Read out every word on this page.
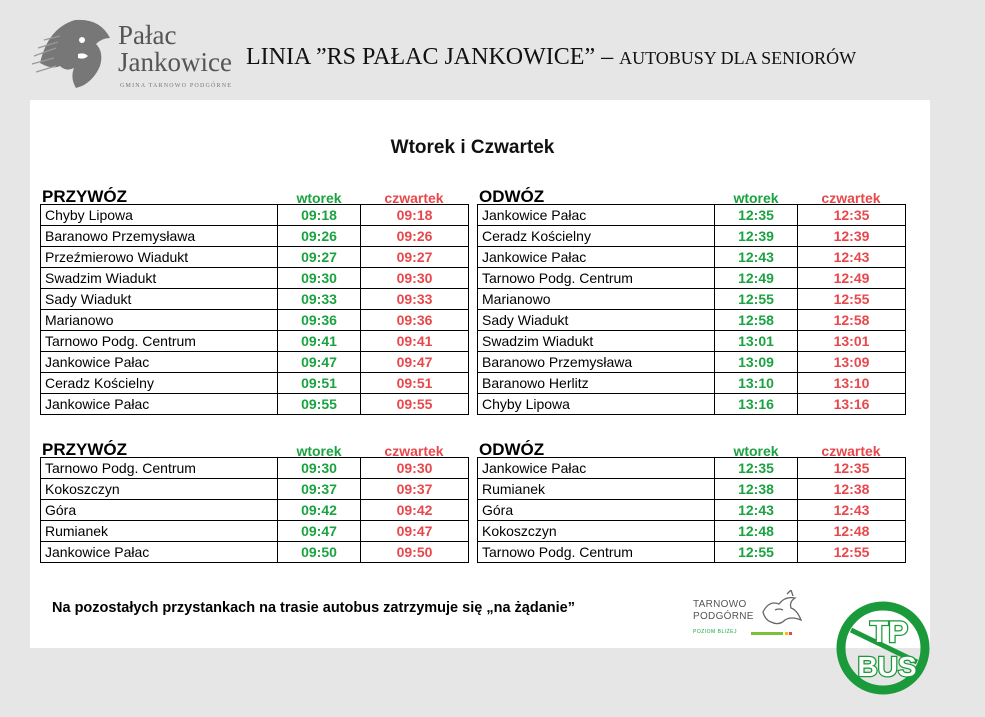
Pałac
Jankowice
GMINA TARNOWO PODGÓRNE
LINIA ”RS PAŁAC JANKOWICE” – AUTOBUSY DLA SENIORÓW
Wtorek i Czwartek
PRZYWÓZ	wtorek	czwartek
Chyby Lipowa	09:18	09:18
Baranowo Przemysława	09:26	09:26
Przeźmierowo Wiadukt	09:27	09:27
Swadzim Wiadukt	09:30	09:30
Sady Wiadukt	09:33	09:33
Marianowo	09:36	09:36
Tarnowo Podg. Centrum	09:41	09:41
Jankowice Pałac	09:47	09:47
Ceradz Kościelny	09:51	09:51
Jankowice Pałac	09:55	09:55
ODWÓZ	wtorek	czwartek
Jankowice Pałac	12:35	12:35
Ceradz Kościelny	12:39	12:39
Jankowice Pałac	12:43	12:43
Tarnowo Podg. Centrum	12:49	12:49
Marianowo	12:55	12:55
Sady Wiadukt	12:58	12:58
Swadzim Wiadukt	13:01	13:01
Baranowo Przemysława	13:09	13:09
Baranowo Herlitz	13:10	13:10
Chyby Lipowa	13:16	13:16
PRZYWÓZ	wtorek	czwartek
Tarnowo Podg. Centrum	09:30	09:30
Kokoszczyn	09:37	09:37
Góra	09:42	09:42
Rumianek	09:47	09:47
Jankowice Pałac	09:50	09:50
ODWÓZ	wtorek	czwartek
Jankowice Pałac	12:35	12:35
Rumianek	12:38	12:38
Góra	12:43	12:43
Kokoszczyn	12:48	12:48
Tarnowo Podg. Centrum	12:55	12:55
Na pozostałych przystankach na trasie autobus zatrzymuje się „na żądanie”	TARNOWO
PODGÓRNE
POZIOM BLIŻEJ	TP
BUS
